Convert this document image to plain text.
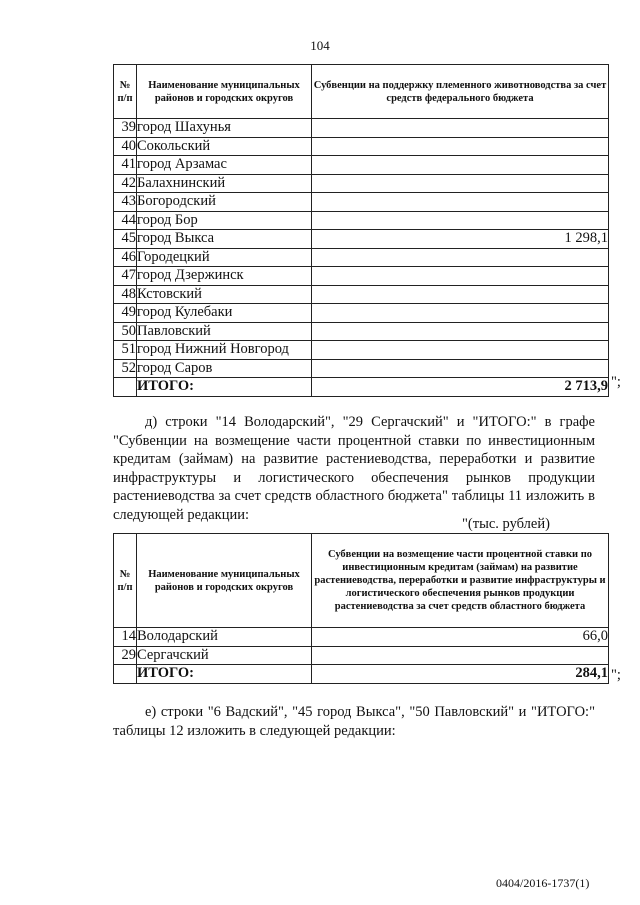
104
№ п/п	Наименование муниципальных районов и городских округов	Субвенции на поддержку племенного животноводства за счет средств федерального бюджета
39	город Шахунья	
40	Сокольский	
41	город Арзамас	
42	Балахнинский	
43	Богородский	
44	город Бор	
45	город Выкса	1 298,1
46	Городецкий	
47	город Дзержинск	
48	Кстовский	
49	город Кулебаки	
50	Павловский	
51	город Нижний Новгород	
52	город Саров	
	ИТОГО:	2 713,9 ";
д) строки "14 Володарский", "29 Сергачский" и "ИТОГО:" в графе "Субвенции на возмещение части процентной ставки по инвестиционным кредитам (займам) на развитие растениеводства, переработки и развитие инфраструктуры и логистического обеспечения рынков продукции растениеводства за счет средств областного бюджета" таблицы 11 изложить в следующей редакции:
"(тыс. рублей)
№ п/п	Наименование муниципальных районов и городских округов	Субвенции на возмещение части процентной ставки по инвестиционным кредитам (займам) на развитие растениеводства, переработки и развитие инфраструктуры и логистического обеспечения рынков продукции растениеводства за счет средств областного бюджета
14	Володарский	66,0
29	Сергачский	
	ИТОГО:	284,1 ";
е) строки "6 Вадский", "45 город Выкса", "50 Павловский" и "ИТОГО:" таблицы 12 изложить в следующей редакции:
0404/2016-1737(1)
